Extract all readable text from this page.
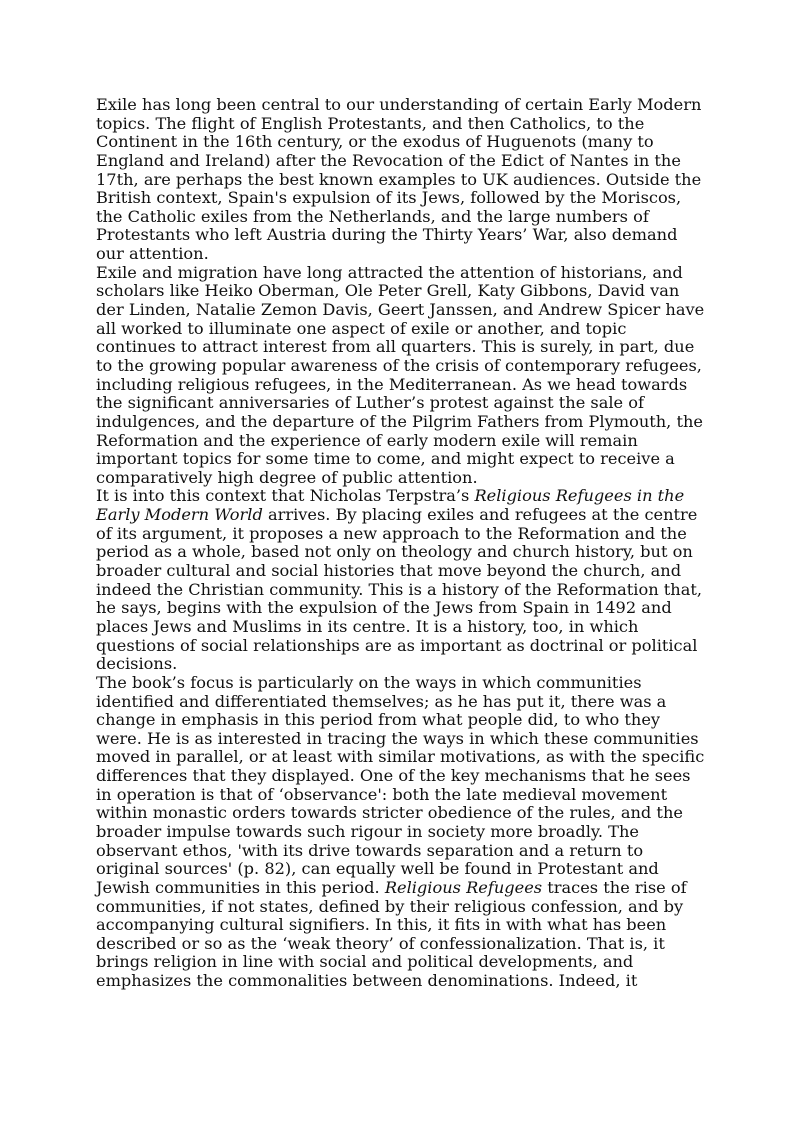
Exile has long been central to our understanding of certain Early Modern
topics. The flight of English Protestants, and then Catholics, to the
Continent in the 16th century, or the exodus of Huguenots (many to
England and Ireland) after the Revocation of the Edict of Nantes in the
17th, are perhaps the best known examples to UK audiences. Outside the
British context, Spain's expulsion of its Jews, followed by the Moriscos,
the Catholic exiles from the Netherlands, and the large numbers of
Protestants who left Austria during the Thirty Years’ War, also demand
our attention.
Exile and migration have long attracted the attention of historians, and
scholars like Heiko Oberman, Ole Peter Grell, Katy Gibbons, David van
der Linden, Natalie Zemon Davis, Geert Janssen, and Andrew Spicer have
all worked to illuminate one aspect of exile or another, and topic
continues to attract interest from all quarters. This is surely, in part, due
to the growing popular awareness of the crisis of contemporary refugees,
including religious refugees, in the Mediterranean. As we head towards
the significant anniversaries of Luther’s protest against the sale of
indulgences, and the departure of the Pilgrim Fathers from Plymouth, the
Reformation and the experience of early modern exile will remain
important topics for some time to come, and might expect to receive a
comparatively high degree of public attention.
It is into this context that Nicholas Terpstra’s Religious Refugees in the
Early Modern World arrives. By placing exiles and refugees at the centre
of its argument, it proposes a new approach to the Reformation and the
period as a whole, based not only on theology and church history, but on
broader cultural and social histories that move beyond the church, and
indeed the Christian community. This is a history of the Reformation that,
he says, begins with the expulsion of the Jews from Spain in 1492 and
places Jews and Muslims in its centre. It is a history, too, in which
questions of social relationships are as important as doctrinal or political
decisions.
The book’s focus is particularly on the ways in which communities
identified and differentiated themselves; as he has put it, there was a
change in emphasis in this period from what people did, to who they
were. He is as interested in tracing the ways in which these communities
moved in parallel, or at least with similar motivations, as with the specific
differences that they displayed. One of the key mechanisms that he sees
in operation is that of ‘observance': both the late medieval movement
within monastic orders towards stricter obedience of the rules, and the
broader impulse towards such rigour in society more broadly. The
observant ethos, 'with its drive towards separation and a return to
original sources' (p. 82), can equally well be found in Protestant and
Jewish communities in this period. Religious Refugees traces the rise of
communities, if not states, defined by their religious confession, and by
accompanying cultural signifiers. In this, it fits in with what has been
described or so as the ‘weak theory’ of confessionalization. That is, it
brings religion in line with social and political developments, and
emphasizes the commonalities between denominations. Indeed, it
